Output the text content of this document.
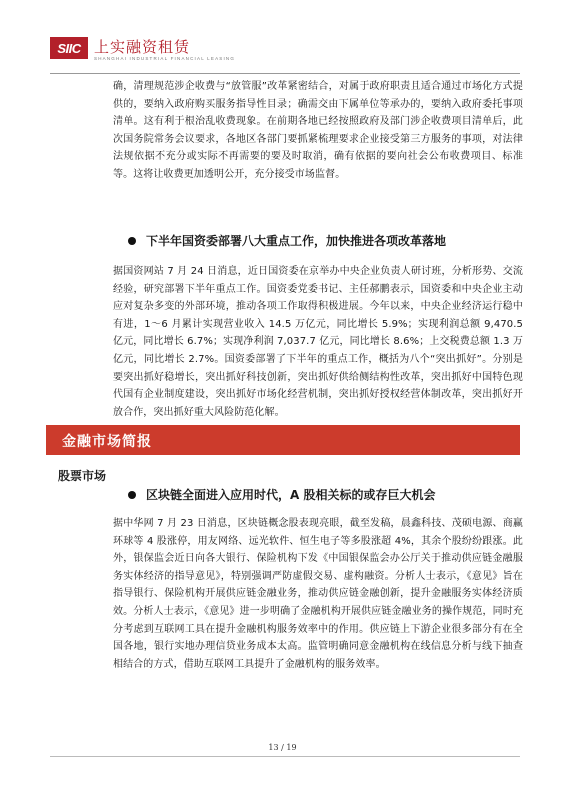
SIIC 上实融资租赁
SHANGHAI INDUSTRIAL FINANCIAL LEASING

确，清理规范涉企收费与“放管服”改革紧密结合，对属于政府职责且适合通过市场化方式提供的，要纳入政府购买服务指导性目录；确需交由下属单位等承办的，要纳入政府委托事项清单。这有利于根治乱收费现象。在前期各地已经按照政府及部门涉企收费项目清单后，此次国务院常务会议要求，各地区各部门要抓紧梳理要求企业接受第三方服务的事项，对法律法规依据不充分或实际不再需要的要及时取消，确有依据的要向社会公布收费项目、标准等。这将让收费更加透明公开，充分接受市场监督。

下半年国资委部署八大重点工作，加快推进各项改革落地

据国资网站 7 月 24 日消息，近日国资委在京举办中央企业负责人研讨班，分析形势、交流经验，研究部署下半年重点工作。国资委党委书记、主任郝鹏表示，国资委和中央企业主动应对复杂多变的外部环境，推动各项工作取得积极进展。今年以来，中央企业经济运行稳中有进，1～6 月累计实现营业收入 14.5 万亿元，同比增长 5.9%；实现利润总额 9,470.5 亿元，同比增长 6.7%；实现净利润 7,037.7 亿元，同比增长 8.6%；上交税费总额 1.3 万亿元，同比增长 2.7%。国资委部署了下半年的重点工作，概括为八个“突出抓好”。分别是要突出抓好稳增长，突出抓好科技创新，突出抓好供给侧结构性改革，突出抓好中国特色现代国有企业制度建设，突出抓好市场化经营机制，突出抓好授权经营体制改革，突出抓好开放合作，突出抓好重大风险防范化解。

金融市场简报
股票市场

区块链全面进入应用时代，A 股相关标的或存巨大机会

据中华网 7 月 23 日消息，区块链概念股表现亮眼，截至发稿，晨鑫科技、茂硕电源、商赢环球等 4 股涨停，用友网络、远光软件、恒生电子等多股涨超 4%，其余个股纷纷跟涨。此外，银保监会近日向各大银行、保险机构下发《中国银保监会办公厅关于推动供应链金融服务实体经济的指导意见》，特别强调严防虚假交易、虚构融资。分析人士表示，《意见》旨在指导银行、保险机构开展供应链金融业务，推动供应链金融创新，提升金融服务实体经济质效。分析人士表示，《意见》进一步明确了金融机构开展供应链金融业务的操作规范，同时充分考虑到互联网工具在提升金融机构服务效率中的作用。供应链上下游企业很多部分有在全国各地，银行实地办理信贷业务成本太高。监管明确同意金融机构在线信息分析与线下抽查相结合的方式，借助互联网工具提升了金融机构的服务效率。

13 / 19
